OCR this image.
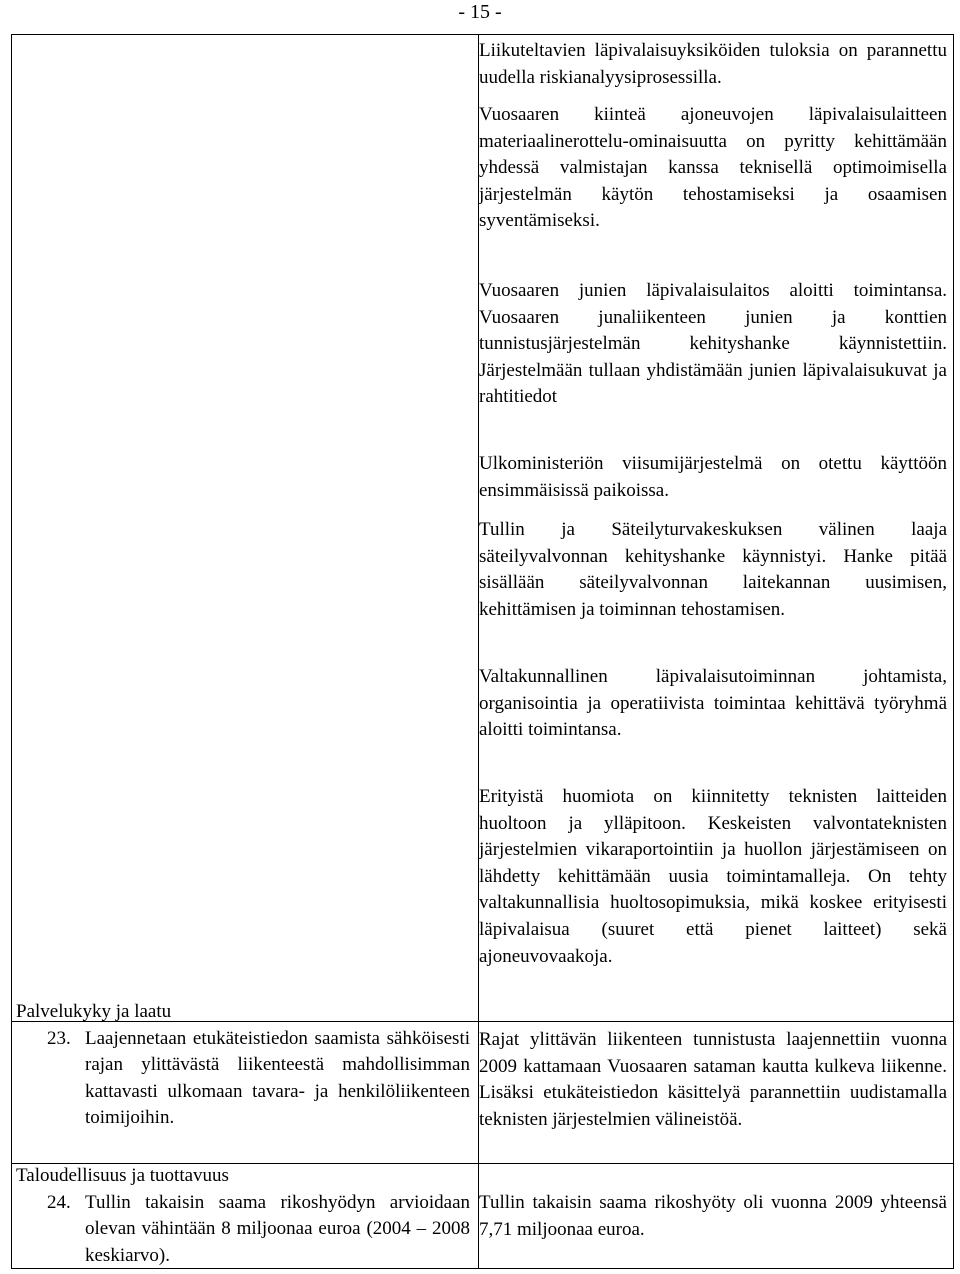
- 15 -

Liikuteltavien läpivalaisuyksiköiden tuloksia on parannettu uudella riskianalyysiprosessilla.

Vuosaaren kiinteä ajoneuvojen läpivalaisulaitteen materiaalinerottelu-ominaisuutta on pyritty kehittämään yhdessä valmistajan kanssa teknisellä optimoimisella järjestelmän käytön tehostamiseksi ja osaamisen syventämiseksi.

Vuosaaren junien läpivalaisulaitos aloitti toimintansa. Vuosaaren junaliikenteen junien ja konttien tunnistusjärjestelmän kehityshanke käynnistettiin. Järjestelmään tullaan yhdistämään junien läpivalaisukuvat ja rahtitiedot

Ulkoministeriön viisumijärjestelmä on otettu käyttöön ensimmäisissä paikoissa.

Tullin ja Säteilyturvakeskuksen välinen laaja säteilyvalvonnan kehityshanke käynnistyi. Hanke pitää sisällään säteilyvalvonnan laitekannan uusimisen, kehittämisen ja toiminnan tehostamisen.

Valtakunnallinen läpivalaisutoiminnan johtamista, organisointia ja operatiivista toimintaa kehittävä työryhmä aloitti toimintansa.

Erityistä huomiota on kiinnitetty teknisten laitteiden huoltoon ja ylläpitoon. Keskeisten valvontateknisten järjestelmien vikaraportointiin ja huollon järjestämiseen on lähdetty kehittämään uusia toimintamalleja. On tehty valtakunnallisia huoltosopimuksia, mikä koskee erityisesti läpivalaisua (suuret että pienet laitteet) sekä ajoneuvovaakoja.

Rajat ylittävän liikenteen tunnistusta laajennettiin vuonna 2009 kattamaan Vuosaaren sataman kautta kulkeva liikenne. Lisäksi etukäteistiedon käsittelyä parannettiin uudistamalla teknisten järjestelmien välineistöä.

Tullin takaisin saama rikoshyöty oli vuonna 2009 yhteensä 7,71 miljoonaa euroa.

Palvelukyky ja laatu
23. Laajennetaan etukäteistiedon saamista sähköisesti rajan ylittävästä liikenteestä mahdollisimman kattavasti ulkomaan tavara- ja henkilöliikenteen toimijoihin.
Taloudellisuus ja tuottavuus
24. Tullin takaisin saama rikoshyödyn arvioidaan olevan vähintään 8 miljoonaa euroa (2004 – 2008 keskiarvo).
